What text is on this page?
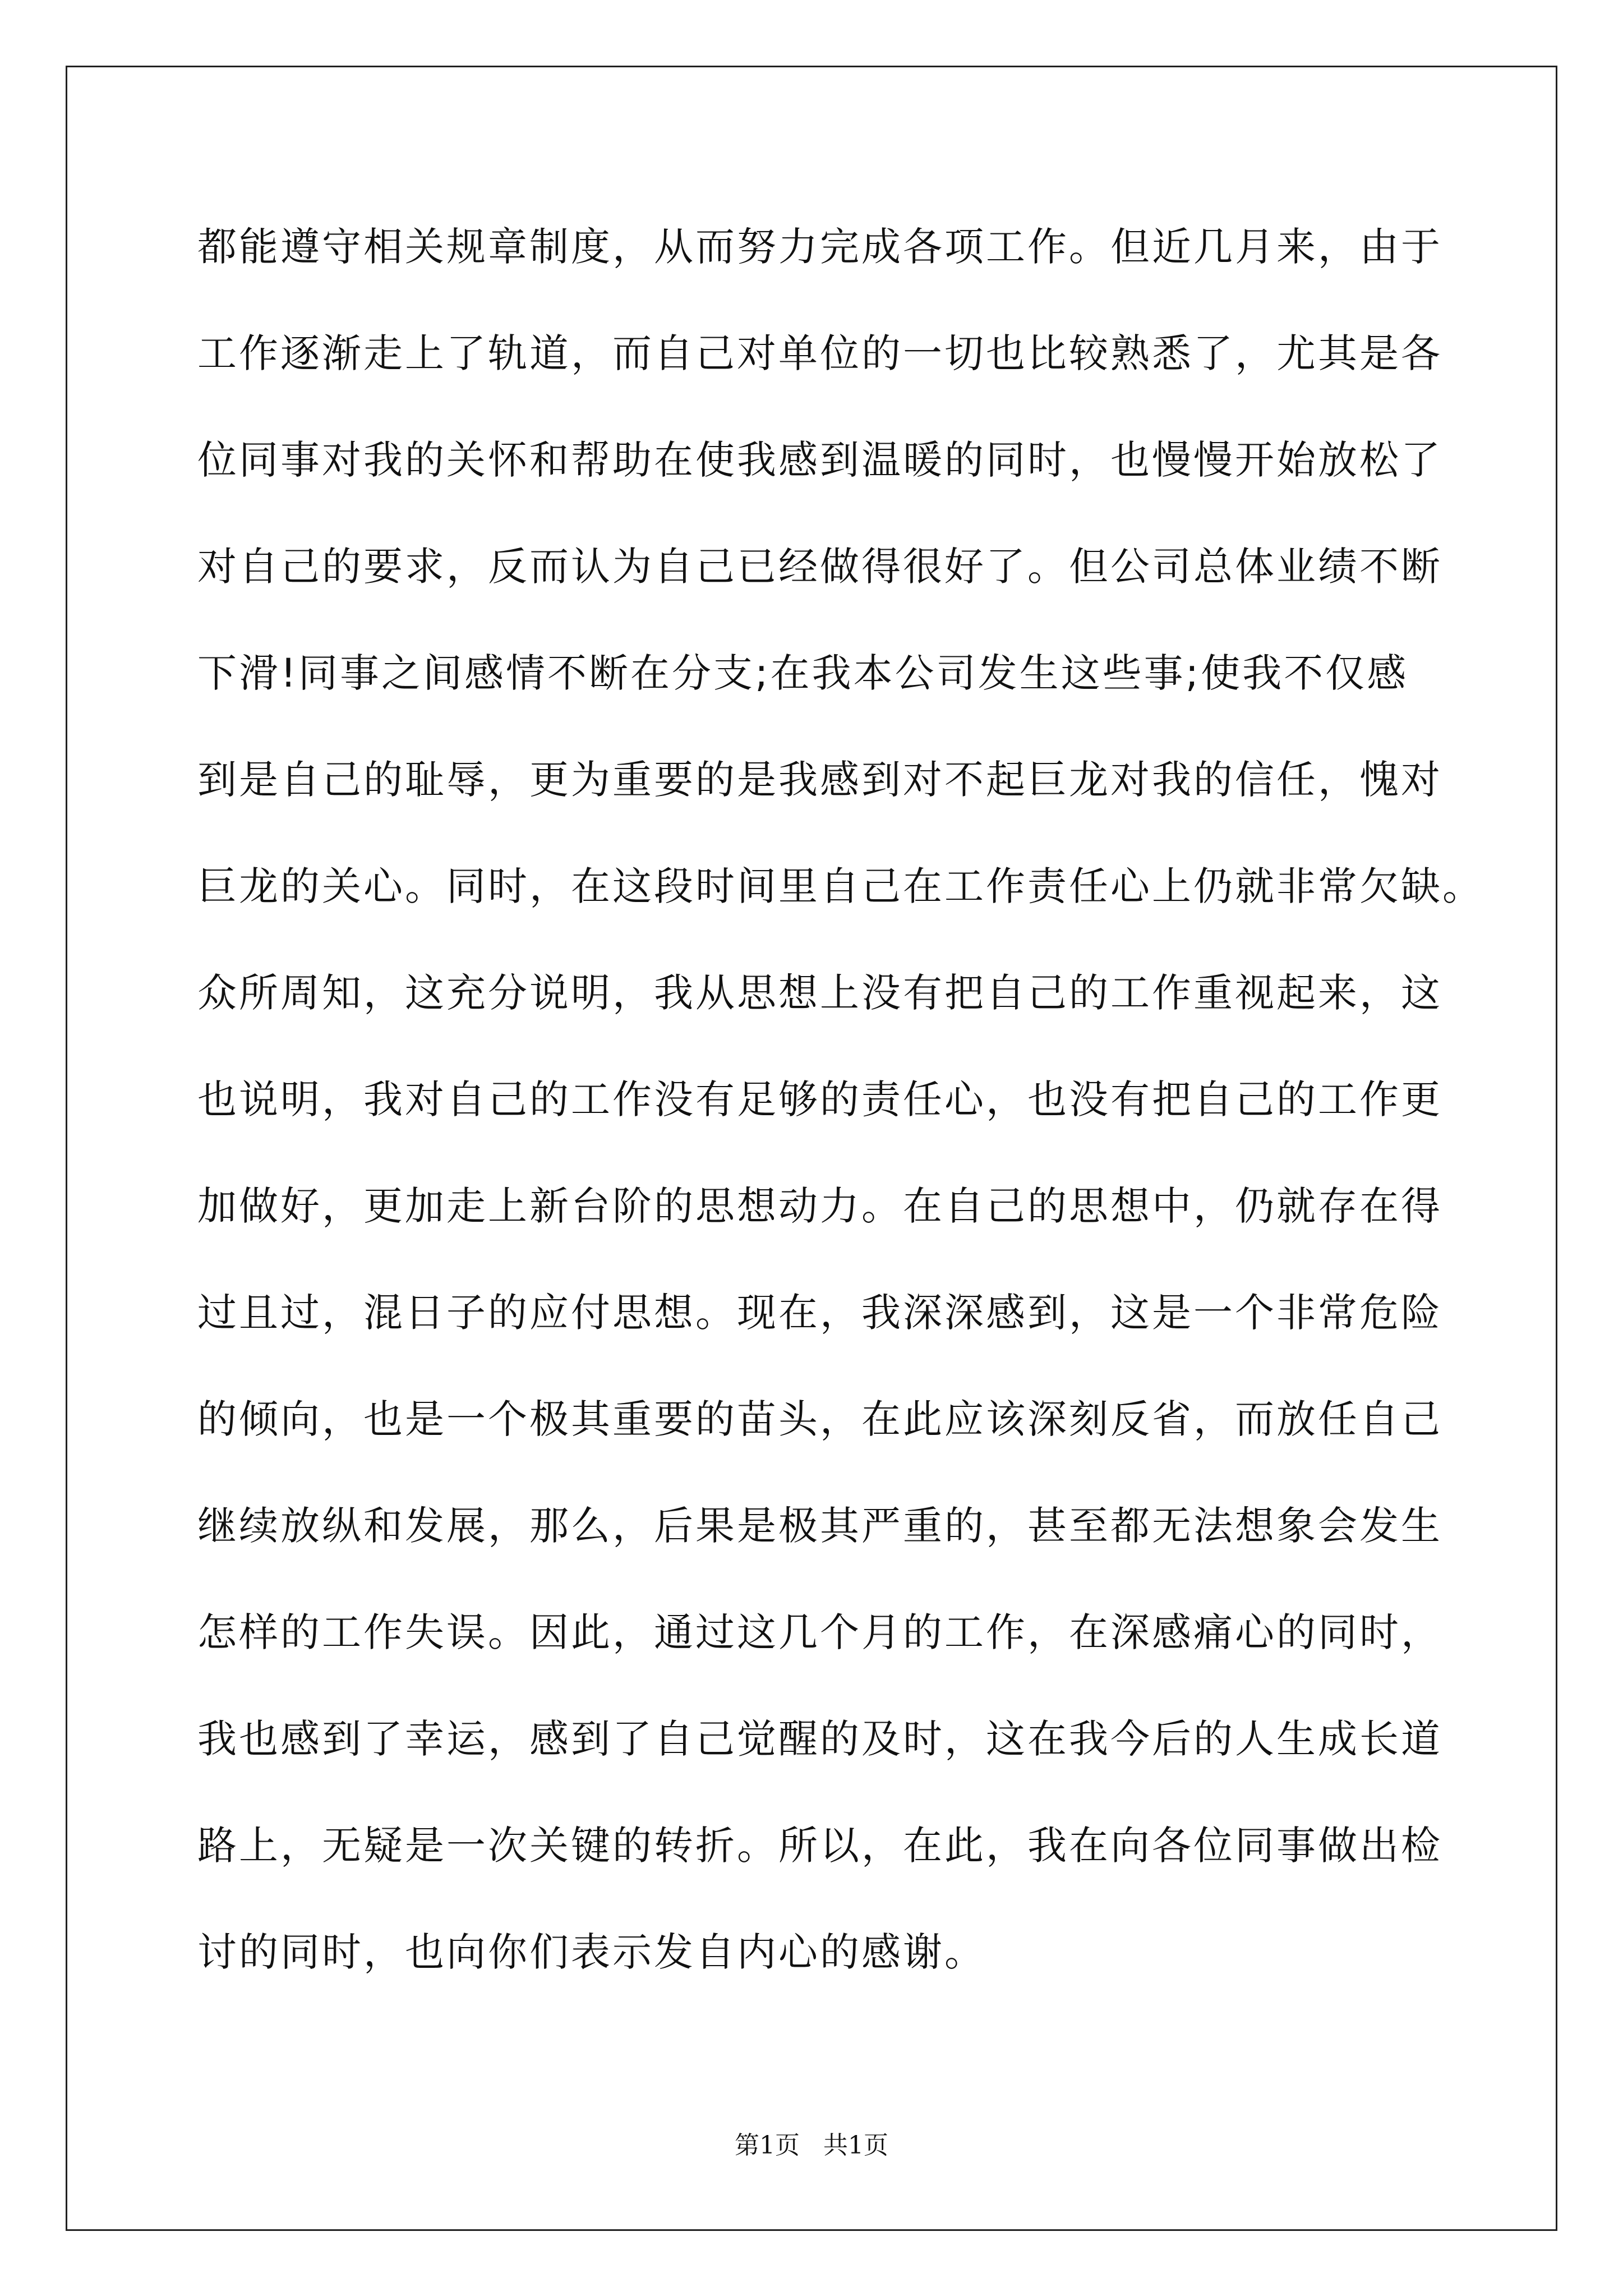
都能遵守相关规章制度，从而努力完成各项工作。但近几月来，由于
工作逐渐走上了轨道，而自己对单位的一切也比较熟悉了，尤其是各
位同事对我的关怀和帮助在使我感到温暖的同时，也慢慢开始放松了
对自己的要求，反而认为自己已经做得很好了。但公司总体业绩不断
下滑!同事之间感情不断在分支;在我本公司发生这些事;使我不仅感
到是自己的耻辱，更为重要的是我感到对不起巨龙对我的信任，愧对
巨龙的关心。同时，在这段时间里自己在工作责任心上仍就非常欠缺。
众所周知，这充分说明，我从思想上没有把自己的工作重视起来，这
也说明，我对自己的工作没有足够的责任心，也没有把自己的工作更
加做好，更加走上新台阶的思想动力。在自己的思想中，仍就存在得
过且过，混日子的应付思想。现在，我深深感到，这是一个非常危险
的倾向，也是一个极其重要的苗头，在此应该深刻反省，而放任自己
继续放纵和发展，那么，后果是极其严重的，甚至都无法想象会发生
怎样的工作失误。因此，通过这几个月的工作，在深感痛心的同时，
我也感到了幸运，感到了自己觉醒的及时，这在我今后的人生成长道
路上，无疑是一次关键的转折。所以，在此，我在向各位同事做出检
讨的同时，也向你们表示发自内心的感谢。
第1页   共1页
